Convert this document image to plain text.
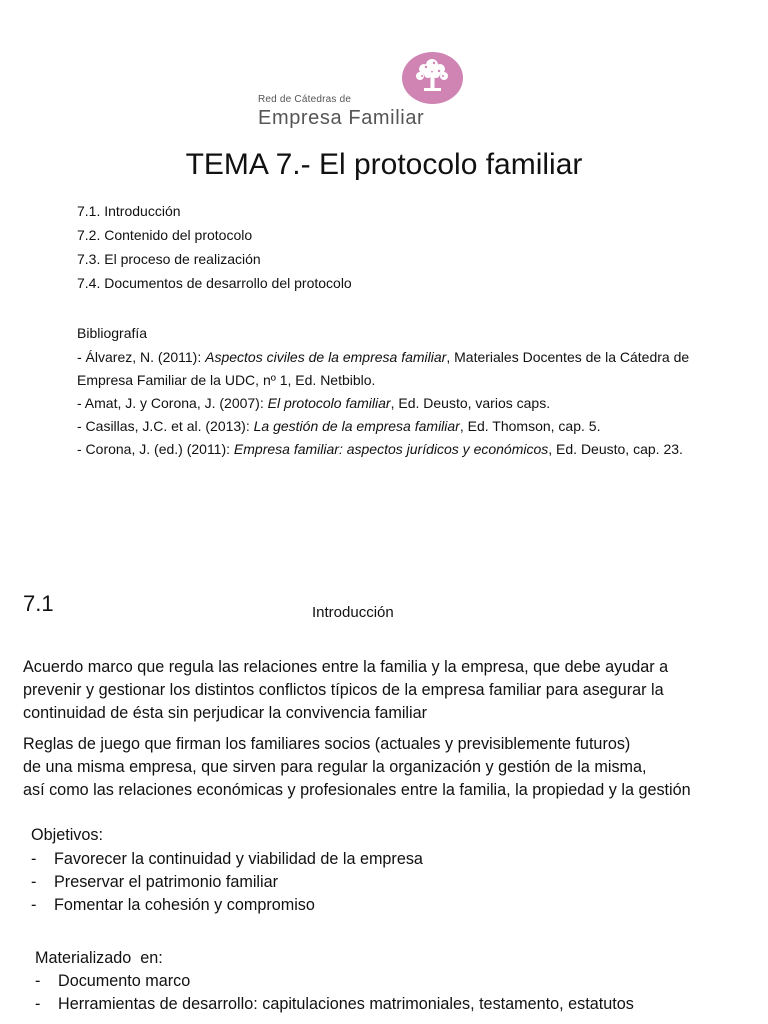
Red de Cátedras de
Empresa Familiar
TEMA 7.- El protocolo familiar
7.1. Introducción
7.2. Contenido del protocolo
7.3. El proceso de realización
7.4. Documentos de desarrollo del protocolo
Bibliografía

- Álvarez, N. (2011): Aspectos civiles de la empresa familiar, Materiales Docentes de la Cátedra de Empresa Familiar de la UDC, nº 1, Ed. Netbiblo.

- Amat, J. y Corona, J. (2007): El protocolo familiar, Ed. Deusto, varios caps.

- Casillas, J.C. et al. (2013): La gestión de la empresa familiar, Ed. Thomson, cap. 5.

- Corona, J. (ed.) (2011): Empresa familiar: aspectos jurídicos y económicos, Ed. Deusto, cap. 23.

7.1	Introducción
Acuerdo marco que regula las relaciones entre la familia y la empresa, que debe ayudar a
prevenir y gestionar los distintos conflictos típicos de la empresa familiar para asegurar la
continuidad de ésta sin perjudicar la convivencia familiar
Reglas de juego que firman los familiares socios (actuales y previsiblemente futuros)
de una misma empresa, que sirven para regular la organización y gestión de la misma,
así como las relaciones económicas y profesionales entre la familia, la propiedad y la gestión
Objetivos:
-	Favorecer la continuidad y viabilidad de la empresa
-	Preservar el patrimonio familiar
-	Fomentar la cohesión y compromiso
Materializado  en:
-	Documento marco
-	Herramientas de desarrollo: capitulaciones matrimoniales, testamento, estatutos
